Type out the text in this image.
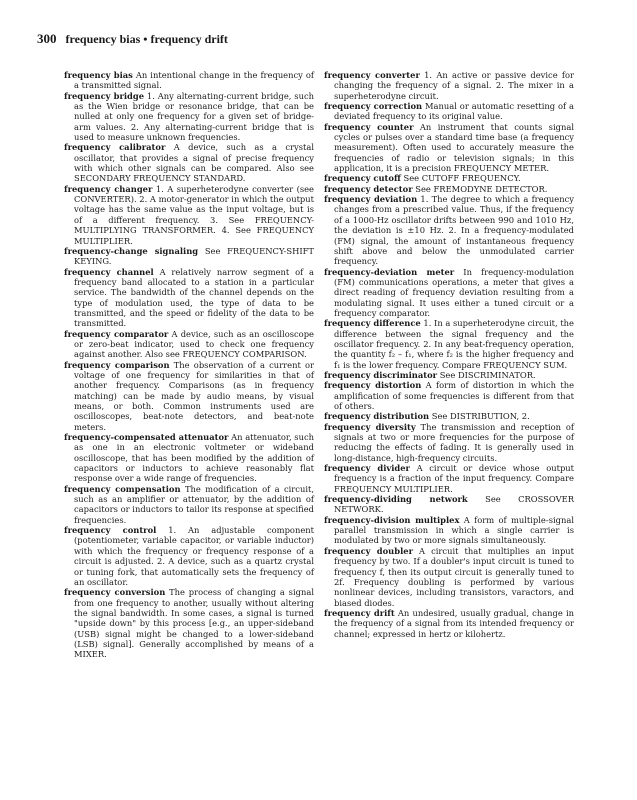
300 frequency bias • frequency drift

frequency bias An intentional change in the frequency of a transmitted signal.

frequency bridge 1. Any alternating-current bridge, such as the Wien bridge or resonance bridge, that can be nulled at only one frequency for a given set of bridge-arm values. 2. Any alternating-current bridge that is used to measure unknown frequencies.

frequency calibrator A device, such as a crystal oscillator, that provides a signal of precise frequency with which other signals can be compared. Also see SECONDARY FREQUENCY STANDARD.

frequency changer 1. A superheterodyne converter (see CONVERTER). 2. A motor-generator in which the output voltage has the same value as the input voltage, but is of a different frequency. 3. See FREQUENCY-MULTIPLYING TRANSFORMER. 4. See FREQUENCY MULTIPLIER.

frequency-change signaling See FREQUENCY-SHIFT KEYING.

frequency channel A relatively narrow segment of a frequency band allocated to a station in a particular service. The bandwidth of the channel depends on the type of modulation used, the type of data to be transmitted, and the speed or fidelity of the data to be transmitted.

frequency comparator A device, such as an oscilloscope or zero-beat indicator, used to check one frequency against another. Also see FREQUENCY COMPARISON.

frequency comparison The observation of a current or voltage of one frequency for similarities in that of another frequency. Comparisons (as in frequency matching) can be made by audio means, by visual means, or both. Common instruments used are oscilloscopes, beat-note detectors, and beat-note meters.

frequency-compensated attenuator An attenuator, such as one in an electronic voltmeter or wideband oscilloscope, that has been modified by the addition of capacitors or inductors to achieve reasonably flat response over a wide range of frequencies.

frequency compensation The modification of a circuit, such as an amplifier or attenuator, by the addition of capacitors or inductors to tailor its response at specified frequencies.

frequency control 1. An adjustable component (potentiometer, variable capacitor, or variable inductor) with which the frequency or frequency response of a circuit is adjusted. 2. A device, such as a quartz crystal or tuning fork, that automatically sets the frequency of an oscillator.

frequency conversion The process of changing a signal from one frequency to another, usually without altering the signal bandwidth. In some cases, a signal is turned "upside down" by this process [e.g., an upper-sideband (USB) signal might be changed to a lower-sideband (LSB) signal]. Generally accomplished by means of a MIXER.

frequency converter 1. An active or passive device for changing the frequency of a signal. 2. The mixer in a superheterodyne circuit.

frequency correction Manual or automatic resetting of a deviated frequency to its original value.

frequency counter An instrument that counts signal cycles or pulses over a standard time base (a frequency measurement). Often used to accurately measure the frequencies of radio or television signals; in this application, it is a precision FREQUENCY METER.

frequency cutoff See CUTOFF FREQUENCY.

frequency detector See FREMODYNE DETECTOR.

frequency deviation 1. The degree to which a frequency changes from a prescribed value. Thus, if the frequency of a 1000-Hz oscillator drifts between 990 and 1010 Hz, the deviation is ±10 Hz. 2. In a frequency-modulated (FM) signal, the amount of instantaneous frequency shift above and below the unmodulated carrier frequency.

frequency-deviation meter In frequency-modulation (FM) communications operations, a meter that gives a direct reading of frequency deviation resulting from a modulating signal. It uses either a tuned circuit or a frequency comparator.

frequency difference 1. In a superheterodyne circuit, the difference between the signal frequency and the oscillator frequency. 2. In any beat-frequency operation, the quantity f₂ – f₁, where f₂ is the higher frequency and f₁ is the lower frequency. Compare FREQUENCY SUM.

frequency discriminator See DISCRIMINATOR.

frequency distortion A form of distortion in which the amplification of some frequencies is different from that of others.

frequency distribution See DISTRIBUTION, 2.

frequency diversity The transmission and reception of signals at two or more frequencies for the purpose of reducing the effects of fading. It is generally used in long-distance, high-frequency circuits.

frequency divider A circuit or device whose output frequency is a fraction of the input frequency. Compare FREQUENCY MULTIPLIER.

frequency-dividing network See CROSSOVER NETWORK.

frequency-division multiplex A form of multiple-signal parallel transmission in which a single carrier is modulated by two or more signals simultaneously.

frequency doubler A circuit that multiplies an input frequency by two. If a doubler's input circuit is tuned to frequency f, then its output circuit is generally tuned to 2f. Frequency doubling is performed by various nonlinear devices, including transistors, varactors, and biased diodes.

frequency drift An undesired, usually gradual, change in the frequency of a signal from its intended frequency or channel; expressed in hertz or kilohertz.
